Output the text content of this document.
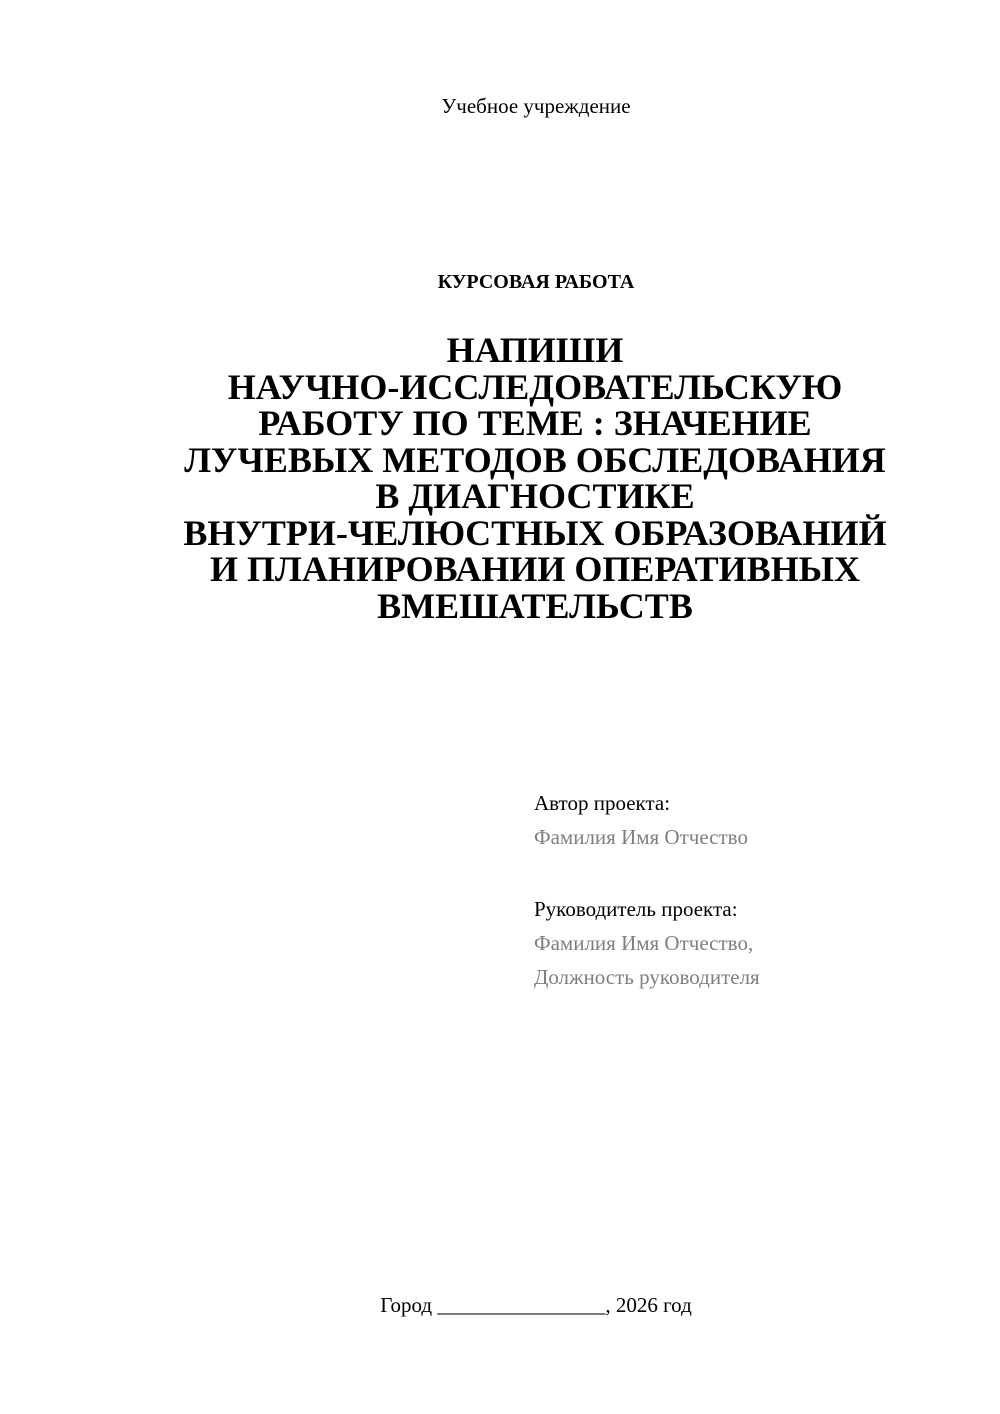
Учебное учреждение
КУРСОВАЯ РАБОТА
НАПИШИ
НАУЧНО-ИССЛЕДОВАТЕЛЬСКУЮ
РАБОТУ ПО ТЕМЕ : ЗНАЧЕНИЕ
ЛУЧЕВЫХ МЕТОДОВ ОБСЛЕДОВАНИЯ
В ДИАГНОСТИКЕ
ВНУТРИ-ЧЕЛЮСТНЫХ ОБРАЗОВАНИЙ
И ПЛАНИРОВАНИИ ОПЕРАТИВНЫХ
ВМЕШАТЕЛЬСТВ
Автор проекта:
Фамилия Имя Отчество
Руководитель проекта:
Фамилия Имя Отчество,
Должность руководителя
Город ________________, 2026 год
